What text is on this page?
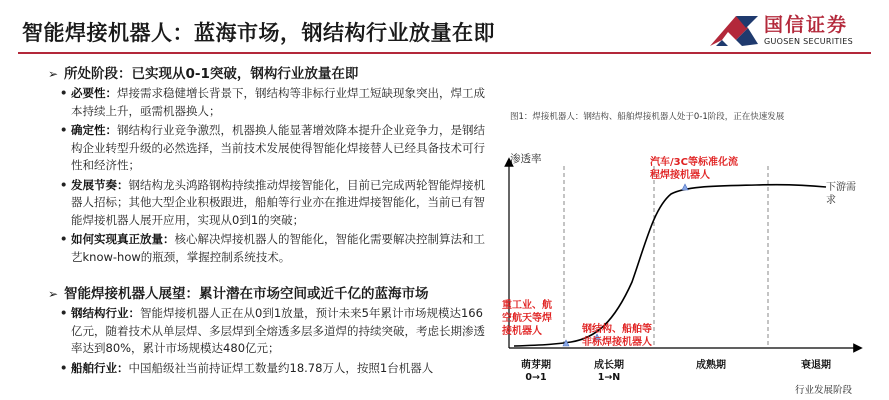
智能焊接机器人：蓝海市场，钢结构行业放量在即	国信证券
GUOSEN SECURITIES
➢ 所处阶段：已实现从0-1突破，钢构行业放量在即
• 必要性：焊接需求稳健增长背景下，钢结构等非标行业焊工短缺现象突出，焊工成本持续上升，亟需机器换人；
• 确定性：钢结构行业竞争激烈，机器换人能显著增效降本提升企业竞争力，是钢结构企业转型升级的必然选择，当前技术发展使得智能化焊接替人已经具备技术可行性和经济性；
• 发展节奏：钢结构龙头鸿路钢构持续推动焊接智能化，目前已完成两轮智能焊接机器人招标；其他大型企业积极跟进，船舶等行业亦在推进焊接智能化，当前已有智能焊接机器人展开应用，实现从0到1的突破；
• 如何实现真正放量：核心解决焊接机器人的智能化，智能化需要解决控制算法和工艺know-how的瓶颈，掌握控制系统技术。
➢ 智能焊接机器人展望：累计潜在市场空间或近千亿的蓝海市场
• 钢结构行业：智能焊接机器人正在从0到1放量，预计未来5年累计市场规模达166亿元，随着技术从单层焊、多层焊到全熔透多层多道焊的持续突破，考虑长期渗透率达到80%，累计市场规模达480亿元；
• 船舶行业：中国船级社当前持证焊工数量约18.78万人，按照1台机器人
图1：焊接机器人：钢结构、船舶焊接机器人处于0-1阶段，正在快速发展
渗透率
重工业、航空航天等焊接机器人	钢结构、船舶等非标焊接机器人
汽车/3C等标准化流程焊接机器人
下游需求
萌芽期
0→1
成长期
1→N
成熟期	衰退期
行业发展阶段
